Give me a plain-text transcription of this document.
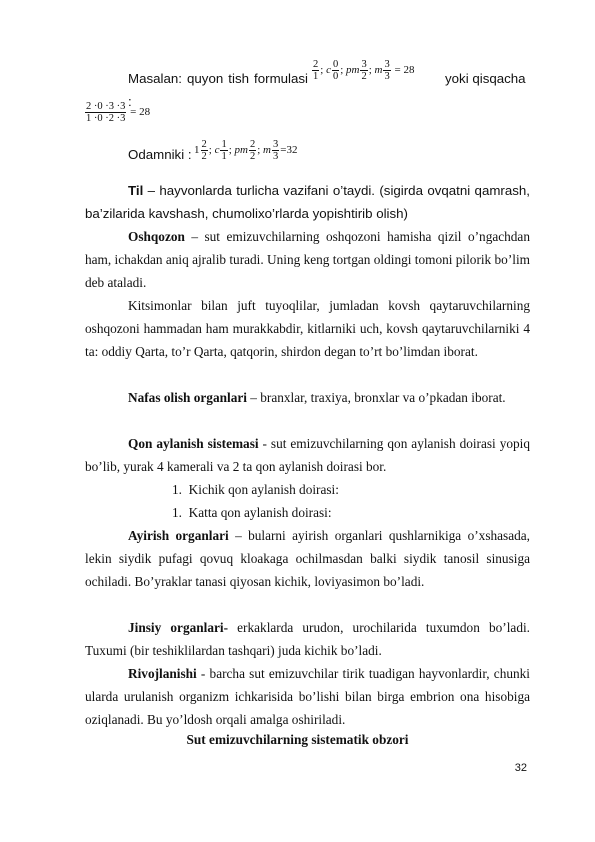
$\frac{2}{1}$ ; c $\frac{0}{0}$ ; pm $\frac{3}{2}$ ; m $\frac{3}{3} = 28$
Masalan: quyon tish formulasi :
yoki qisqacha
$\frac{2 \cdot 0 \cdot 3 \cdot 3}{1 \cdot 0 \cdot 2 \cdot 3} = 28$
Odamniki : $1 \frac{2}{2}$ ; c $\frac{1}{1}$ ; pm $\frac{2}{2}$ ; m $\frac{3}{3} =32$
Til – hayvonlarda turlicha vazifani o’taydi. (sigirda ovqatni qamrash, ba’zilarida kavshash, chumolixo’rlarda yopishtirib olish)
Oshqozon – sut emizuvchilarning oshqozoni hamisha qizil o’ngachdan ham, ichakdan aniq ajralib turadi. Uning keng tortgan oldingi tomoni pilorik bo’lim deb ataladi.
Kitsimonlar bilan juft tuyoqlilar, jumladan kovsh qaytaruvchilarning oshqozoni hammadan ham murakkabdir, kitlarniki uch, kovsh qaytaruvchilarniki 4 ta: oddiy Qarta, to’r Qarta, qatqorin, shirdon degan to’rt bo’limdan iborat.
Nafas olish organlari – branxlar, traxiya, bronxlar va o’pkadan iborat.
Qon aylanish sistemasi - sut emizuvchilarning qon aylanish doirasi yopiq bo’lib, yurak 4 kamerali va 2 ta qon aylanish doirasi bor.
1. Kichik qon aylanish doirasi:
1. Katta qon aylanish doirasi:
Ayirish organlari – bularni ayirish organlari qushlarnikiga o’xshasada, lekin siydik pufagi qovuq kloakaga ochilmasdan balki siydik tanosil sinusiga ochiladi. Bo’yraklar tanasi qiyosan kichik, loviyasimon bo’ladi.
Jinsiy organlari- erkaklarda urudon, urochilarida tuxumdon bo’ladi. Tuxumi (bir teshiklilardan tashqari) juda kichik bo’ladi.
Rivojlanishi - barcha sut emizuvchilar tirik tuadigan hayvonlardir, chunki ularda urulanish organizm ichkarisida bo’lishi bilan birga embrion ona hisobiga oziqlanadi. Bu yo’ldosh orqali amalga oshiriladi.
Sut emizuvchilarning sistematik obzori
32
